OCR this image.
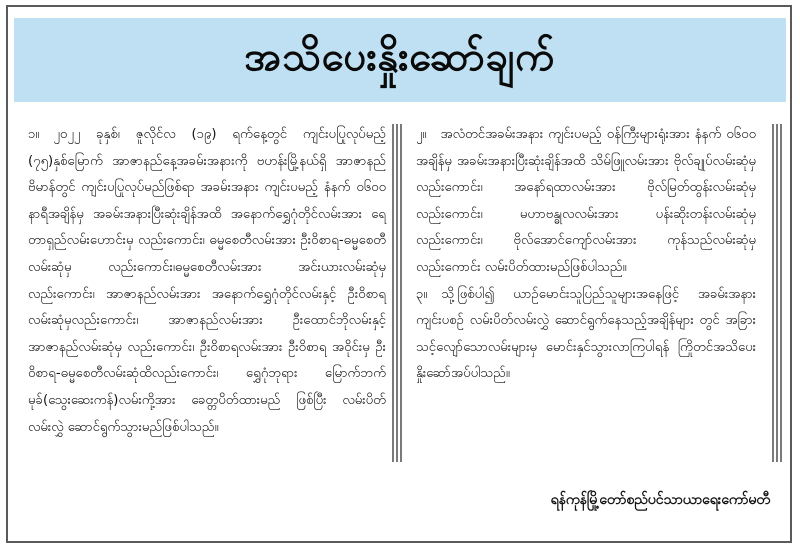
အသိပေးနှိုးဆော်ချက်

၁။ ၂၀၂၂ ခုနှစ်၊ ဇူလိုင်လ (၁၉) ရက်နေ့တွင် ကျင်းပပြုလုပ်မည့် (၇၅)နှစ်မြောက် အာဇာနည်နေ့အခမ်းအနားကို ဗဟန်းမြို့နယ်ရှိ အာဇာနည်ဗိမာန်တွင် ကျင်းပပြုလုပ်မည်ဖြစ်ရာ အခမ်းအနား ကျင်းပမည့် နံနက် ၀၆၀၀ နာရီအချိန်မှ အခမ်းအနားပြီးဆုံးချိန်အထိ အနောက်ရွှေဂုံတိုင်လမ်းအား ရေတာရှည်လမ်းဟောင်းမှ လည်းကောင်း၊ ဓမ္မစေတီလမ်းအား ဦးဝိစာရ-ဓမ္မစေတီလမ်းဆုံမှ လည်းကောင်း၊ဓမ္မစေတီလမ်းအား အင်းယားလမ်းဆုံမှလည်းကောင်း၊ အာဇာနည်လမ်းအား အနောက်ရွှေဂုံတိုင်လမ်းနှင့် ဦးဝိစာရလမ်းဆုံမှလည်းကောင်း၊ အာဇာနည်လမ်းအား ဦးထောင်ဘိုလမ်းနှင့် အာဇာနည်လမ်းဆုံမှ လည်းကောင်း၊ ဦးဝိစာရလမ်းအား ဦးဝိစာရ အဝိုင်းမှ ဦးဝိစာရ-ဓမ္မစေတီလမ်းဆုံထိလည်းကောင်း၊ ရွှေဂုံဘုရား မြောက်ဘက်မုခ်(သွေးဆေးကန်)လမ်းကို့အား ခေတ္တပိတ်ထားမည် ဖြစ်ပြီး လမ်းပိတ်လမ်းလွှဲ ဆောင်ရွက်သွားမည်ဖြစ်ပါသည်။

၂။ အလံတင်အခမ်းအနား ကျင်းပမည့် ဝန်ကြီးများရုံးအား နံနက် ၀၆၀၀ အချိန်မှ အခမ်းအနားပြီးဆုံးချိန်အထိ သိမ်ဖြူလမ်းအား ဗိုလ်ချုပ်လမ်းဆုံမှလည်းကောင်း၊ အနော်ရထာလမ်းအား ဗိုလ်မြတ်ထွန်းလမ်းဆုံမှ လည်းကောင်း၊ မဟာဗန္ဓုလလမ်းအား ပန်းဆိုးတန်းလမ်းဆုံမှ လည်းကောင်း၊ ဗိုလ်အောင်ကျော်လမ်းအား ကုန်သည်လမ်းဆုံမှလည်းကောင်း လမ်းပိတ်ထားမည်ဖြစ်ပါသည်။

၃။ သို့ဖြစ်ပါ၍ ယာဉ်မောင်းသူပြည်သူများအနေဖြင့် အခမ်းအနား ကျင်းပစဉ် လမ်းပိတ်လမ်းလွှဲ ဆောင်ရွက်နေသည့်အချိန်များ တွင် အခြားသင့်လျော်သောလမ်းများမှ မောင်းနှင်သွားလာကြပါရန် ကြိုတင်အသိပေးနှိုးဆော်အပ်ပါသည်။

ရန်ကုန်မြို့တော်စည်ပင်သာယာရေးကော်မတီ
